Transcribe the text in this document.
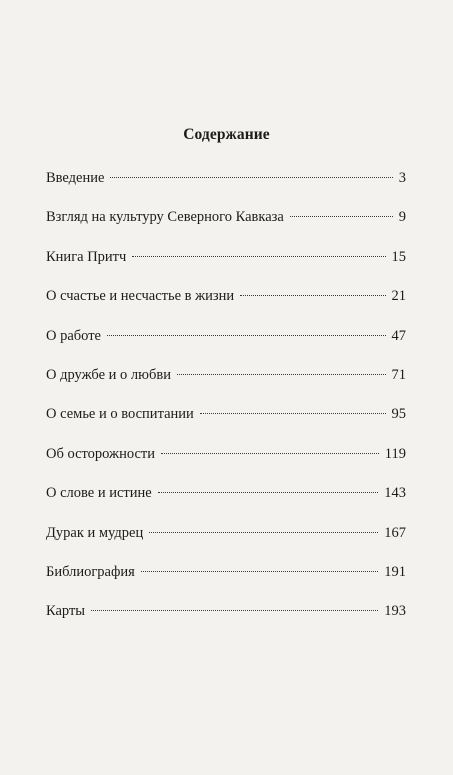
Содержание
Введение	3
Взгляд на культуру Северного Кавказа	9
Книга Притч	15
О счастье и несчастье в жизни	21
О работе	47
О дружбе и о любви	71
О семье и о воспитании	95
Об осторожности	119
О слове и истине	143
Дурак и мудрец	167
Библиография	191
Карты	193
